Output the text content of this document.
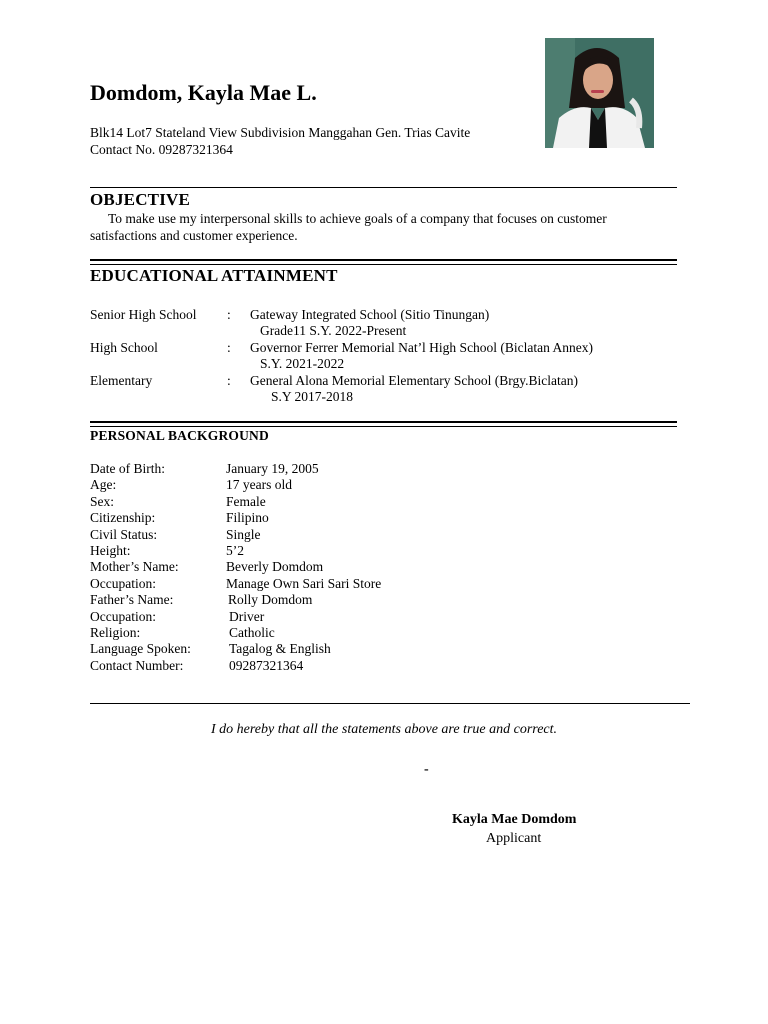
Domdom, Kayla Mae L.
Blk14 Lot7 Stateland View Subdivision Manggahan Gen. Trias Cavite
Contact No. 09287321364
OBJECTIVE
To make use my interpersonal skills to achieve goals of a company that focuses on customer
satisfactions and customer experience.
EDUCATIONAL ATTAINMENT
Senior High School : Gateway Integrated School (Sitio Tinungan)
Grade11 S.Y. 2022-Present
High School	: Governor Ferrer Memorial Nat’l High School (Biclatan Annex)
S.Y. 2021-2022
Elementary	: General Alona Memorial Elementary School (Brgy.Biclatan)
S.Y 2017-2018
PERSONAL BACKGROUND
Date of Birth:	January 19, 2005
Age:	17 years old
Sex:	Female
Citizenship:	Filipino
Civil Status:	Single
Height:	5’2
Mother’s Name:	Beverly Domdom
Occupation:	Manage Own Sari Sari Store
Father’s Name:	Rolly Domdom
Occupation:	Driver
Religion:	Catholic
Language Spoken:	Tagalog & English
Contact Number:	09287321364
I do hereby that all the statements above are true and correct.
-
Kayla Mae Domdom
Applicant
